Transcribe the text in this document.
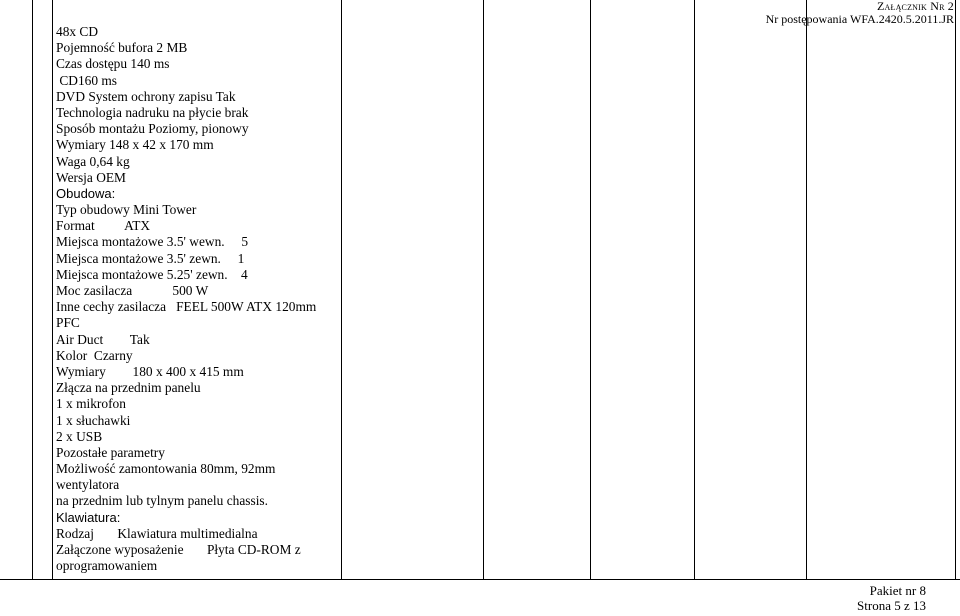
Załącznik Nr 2
Nr postępowania WFA.2420.5.2011.JR
48x CD
Pojemność bufora 2 MB
Czas dostępu 140 ms
CD160 ms
DVD System ochrony zapisu Tak
Technologia nadruku na płycie brak
Sposób montażu Poziomy, pionowy
Wymiary 148 x 42 x 170 mm
Waga 0,64 kg
Wersja OEM
Obudowa:
Typ obudowy Mini Tower
Format         ATX
Miejsca montażowe 3.5' wewn.     5
Miejsca montażowe 3.5' zewn.     1
Miejsca montażowe 5.25' zewn.    4
Moc zasilacza            500 W
Inne cechy zasilacza   FEEL 500W ATX 120mm
PFC
Air Duct        Tak
Kolor  Czarny
Wymiary        180 x 400 x 415 mm
Złącza na przednim panelu
1 x mikrofon
1 x słuchawki
2 x USB
Pozostałe parametry
Możliwość zamontowania 80mm, 92mm
wentylatora
na przednim lub tylnym panelu chassis.
Klawiatura:
Rodzaj       Klawiatura multimedialna
Załączone wyposażenie       Płyta CD-ROM z
oprogramowaniem
Pakiet nr 8
Strona 5 z 13
